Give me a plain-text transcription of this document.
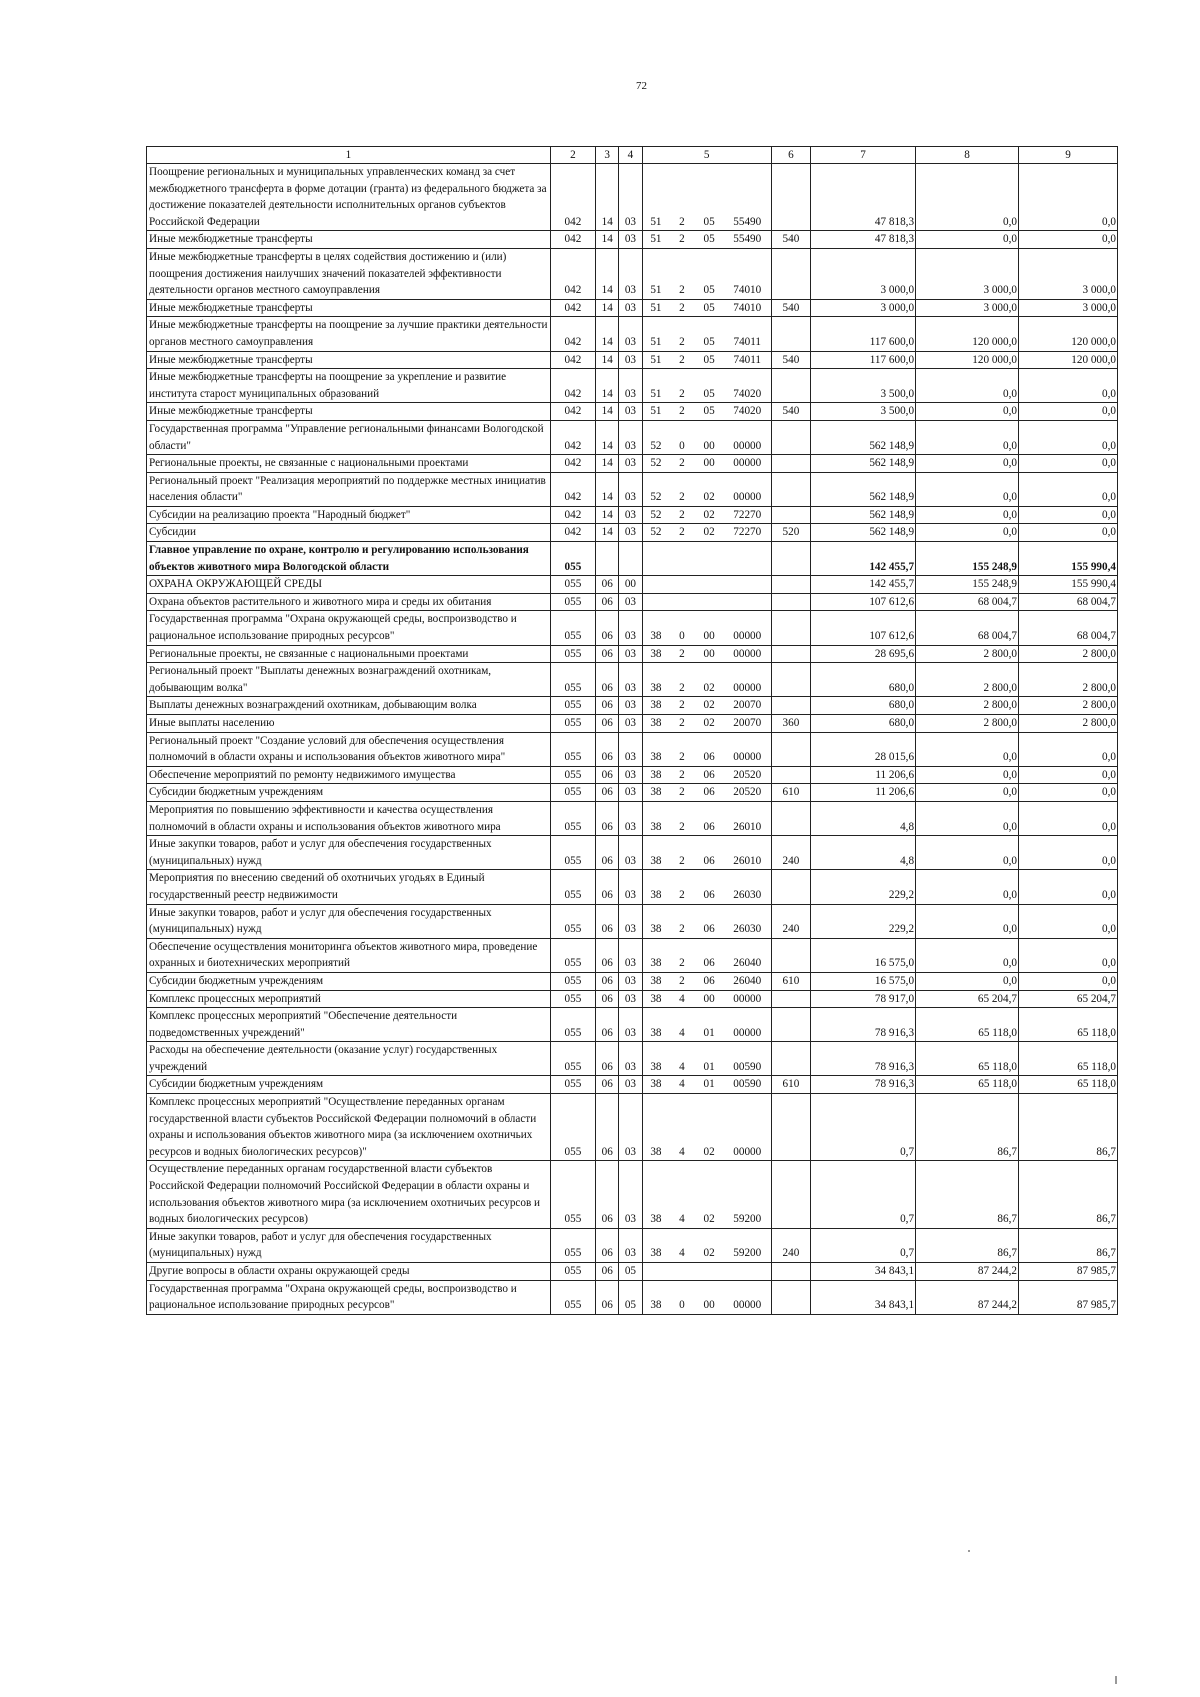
72
1	2	3	4	5				6	7	8	9
Поощрение региональных и муниципальных управленческих команд за счет межбюджетного трансферта в форме дотации (гранта) из федерального бюджета за достижение показателей деятельности исполнительных органов субъектов Российской Федерации	042	14	03	51	2	05	55490		47 818,3	0,0	0,0
Иные межбюджетные трансферты	042	14	03	51	2	05	55490	540	47 818,3	0,0	0,0
Иные межбюджетные трансферты в целях содействия достижению и (или) поощрения достижения наилучших значений показателей эффективности деятельности органов местного самоуправления	042	14	03	51	2	05	74010		3 000,0	3 000,0	3 000,0
Иные межбюджетные трансферты	042	14	03	51	2	05	74010	540	3 000,0	3 000,0	3 000,0
Иные межбюджетные трансферты на поощрение за лучшие практики деятельности органов местного самоуправления	042	14	03	51	2	05	74011		117 600,0	120 000,0	120 000,0
Иные межбюджетные трансферты	042	14	03	51	2	05	74011	540	117 600,0	120 000,0	120 000,0
Иные межбюджетные трансферты на поощрение за укрепление и развитие института старост муниципальных образований	042	14	03	51	2	05	74020		3 500,0	0,0	0,0
Иные межбюджетные трансферты	042	14	03	51	2	05	74020	540	3 500,0	0,0	0,0
Государственная программа "Управление региональными финансами Вологодской области"	042	14	03	52	0	00	00000		562 148,9	0,0	0,0
Региональные проекты, не связанные с национальными проектами	042	14	03	52	2	00	00000		562 148,9	0,0	0,0
Региональный проект "Реализация мероприятий по поддержке местных инициатив населения области"	042	14	03	52	2	02	00000		562 148,9	0,0	0,0
Субсидии на реализацию проекта "Народный бюджет"	042	14	03	52	2	02	72270		562 148,9	0,0	0,0
Субсидии	042	14	03	52	2	02	72270	520	562 148,9	0,0	0,0
Главное управление по охране, контролю и регулированию использования объектов животного мира Вологодской области	055								142 455,7	155 248,9	155 990,4
ОХРАНА ОКРУЖАЮЩЕЙ СРЕДЫ	055	06	00						142 455,7	155 248,9	155 990,4
Охрана объектов растительного и животного мира и среды их обитания	055	06	03						107 612,6	68 004,7	68 004,7
Государственная программа "Охрана окружающей среды, воспроизводство и рациональное использование природных ресурсов"	055	06	03	38	0	00	00000		107 612,6	68 004,7	68 004,7
Региональные проекты, не связанные с национальными проектами	055	06	03	38	2	00	00000		28 695,6	2 800,0	2 800,0
Региональный проект "Выплаты денежных вознаграждений охотникам, добывающим волка"	055	06	03	38	2	02	00000		680,0	2 800,0	2 800,0
Выплаты денежных вознаграждений охотникам, добывающим волка	055	06	03	38	2	02	20070		680,0	2 800,0	2 800,0
Иные выплаты населению	055	06	03	38	2	02	20070	360	680,0	2 800,0	2 800,0
Региональный проект "Создание условий для обеспечения осуществления полномочий в области охраны и использования объектов животного мира"	055	06	03	38	2	06	00000		28 015,6	0,0	0,0
Обеспечение мероприятий по ремонту недвижимого имущества	055	06	03	38	2	06	20520		11 206,6	0,0	0,0
Субсидии бюджетным учреждениям	055	06	03	38	2	06	20520	610	11 206,6	0,0	0,0
Мероприятия по повышению эффективности и качества осуществления полномочий в области охраны и использования объектов животного мира	055	06	03	38	2	06	26010		4,8	0,0	0,0
Иные закупки товаров, работ и услуг для обеспечения государственных (муниципальных) нужд	055	06	03	38	2	06	26010	240	4,8	0,0	0,0
Мероприятия по внесению сведений об охотничьих угодьях в Единый государственный реестр недвижимости	055	06	03	38	2	06	26030		229,2	0,0	0,0
Иные закупки товаров, работ и услуг для обеспечения государственных (муниципальных) нужд	055	06	03	38	2	06	26030	240	229,2	0,0	0,0
Обеспечение осуществления мониторинга объектов животного мира, проведение охранных и биотехнических мероприятий	055	06	03	38	2	06	26040		16 575,0	0,0	0,0
Субсидии бюджетным учреждениям	055	06	03	38	2	06	26040	610	16 575,0	0,0	0,0
Комплекс процессных мероприятий	055	06	03	38	4	00	00000		78 917,0	65 204,7	65 204,7
Комплекс процессных мероприятий "Обеспечение деятельности подведомственных учреждений"	055	06	03	38	4	01	00000		78 916,3	65 118,0	65 118,0
Расходы на обеспечение деятельности (оказание услуг) государственных учреждений	055	06	03	38	4	01	00590		78 916,3	65 118,0	65 118,0
Субсидии бюджетным учреждениям	055	06	03	38	4	01	00590	610	78 916,3	65 118,0	65 118,0
Комплекс процессных мероприятий "Осуществление переданных органам государственной власти субъектов Российской Федерации полномочий в области охраны и использования объектов животного мира (за исключением охотничьих ресурсов и водных биологических ресурсов)"	055	06	03	38	4	02	00000		0,7	86,7	86,7
Осуществление переданных органам государственной власти субъектов Российской Федерации полномочий Российской Федерации в области охраны и использования объектов животного мира (за исключением охотничьих ресурсов и водных биологических ресурсов)	055	06	03	38	4	02	59200		0,7	86,7	86,7
Иные закупки товаров, работ и услуг для обеспечения государственных (муниципальных) нужд	055	06	03	38	4	02	59200	240	0,7	86,7	86,7
Другие вопросы в области охраны окружающей среды	055	06	05						34 843,1	87 244,2	87 985,7
Государственная программа "Охрана окружающей среды, воспроизводство и рациональное использование природных ресурсов"	055	06	05	38	0	00	00000		34 843,1	87 244,2	87 985,7
